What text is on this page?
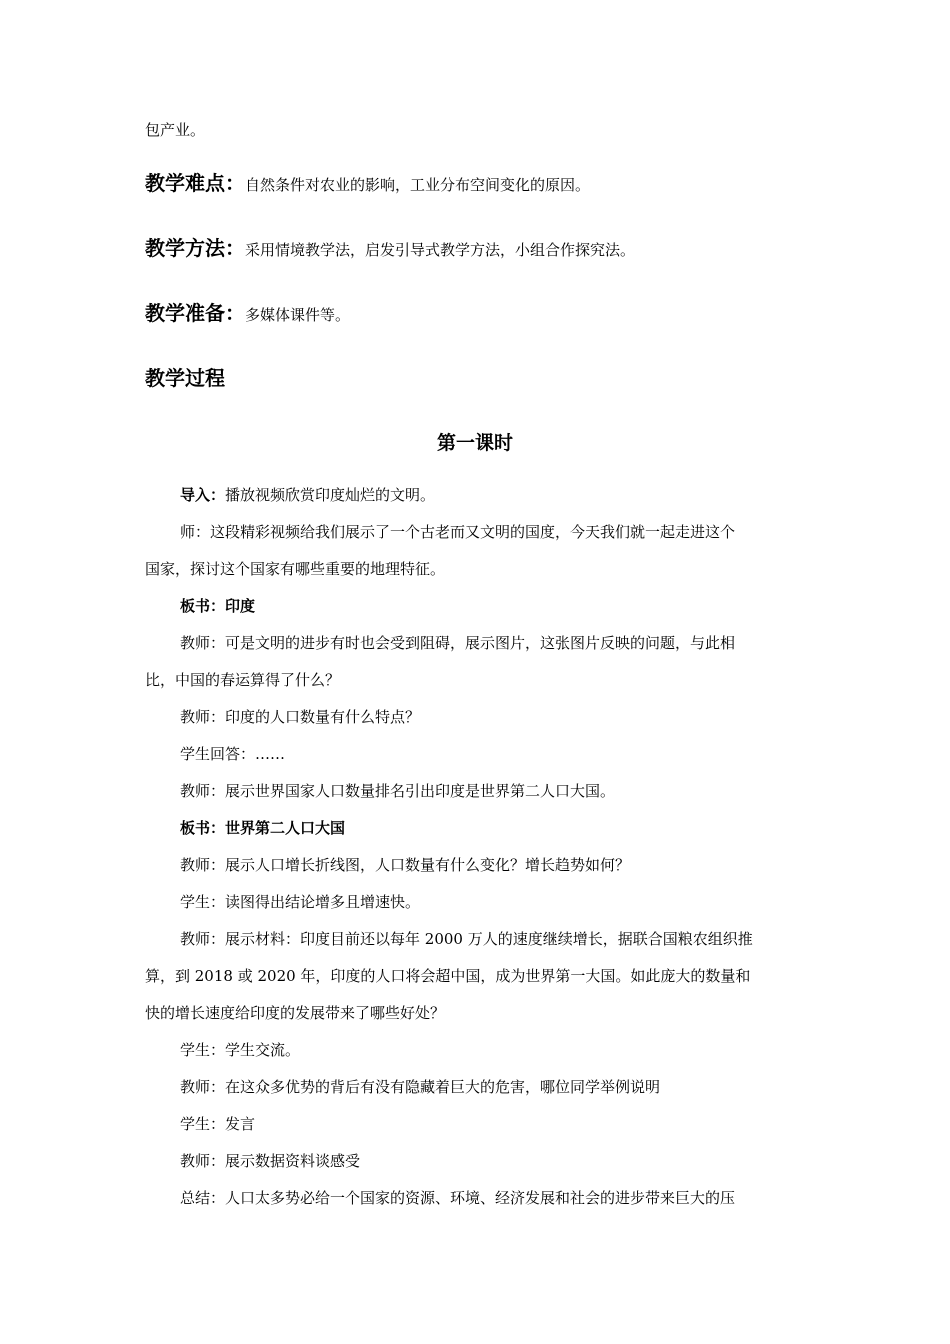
包产业。
教学难点：自然条件对农业的影响，工业分布空间变化的原因。
教学方法：采用情境教学法，启发引导式教学方法，小组合作探究法。
教学准备：多媒体课件等。
教学过程
第一课时
导入：播放视频欣赏印度灿烂的文明。
师：这段精彩视频给我们展示了一个古老而又文明的国度，今天我们就一起走进这个
国家，探讨这个国家有哪些重要的地理特征。
板书：印度
教师：可是文明的进步有时也会受到阻碍，展示图片，这张图片反映的问题，与此相
比，中国的春运算得了什么？
教师：印度的人口数量有什么特点？
学生回答：……
教师：展示世界国家人口数量排名引出印度是世界第二人口大国。
板书：世界第二人口大国
教师：展示人口增长折线图，人口数量有什么变化？增长趋势如何？
学生：读图得出结论增多且增速快。
教师：展示材料：印度目前还以每年 2000 万人的速度继续增长，据联合国粮农组织推
算，到 2018 或 2020 年，印度的人口将会超中国，成为世界第一大国。如此庞大的数量和
快的增长速度给印度的发展带来了哪些好处？
学生：学生交流。
教师：在这众多优势的背后有没有隐藏着巨大的危害，哪位同学举例说明
学生：发言
教师：展示数据资料谈感受
总结：人口太多势必给一个国家的资源、环境、经济发展和社会的进步带来巨大的压
